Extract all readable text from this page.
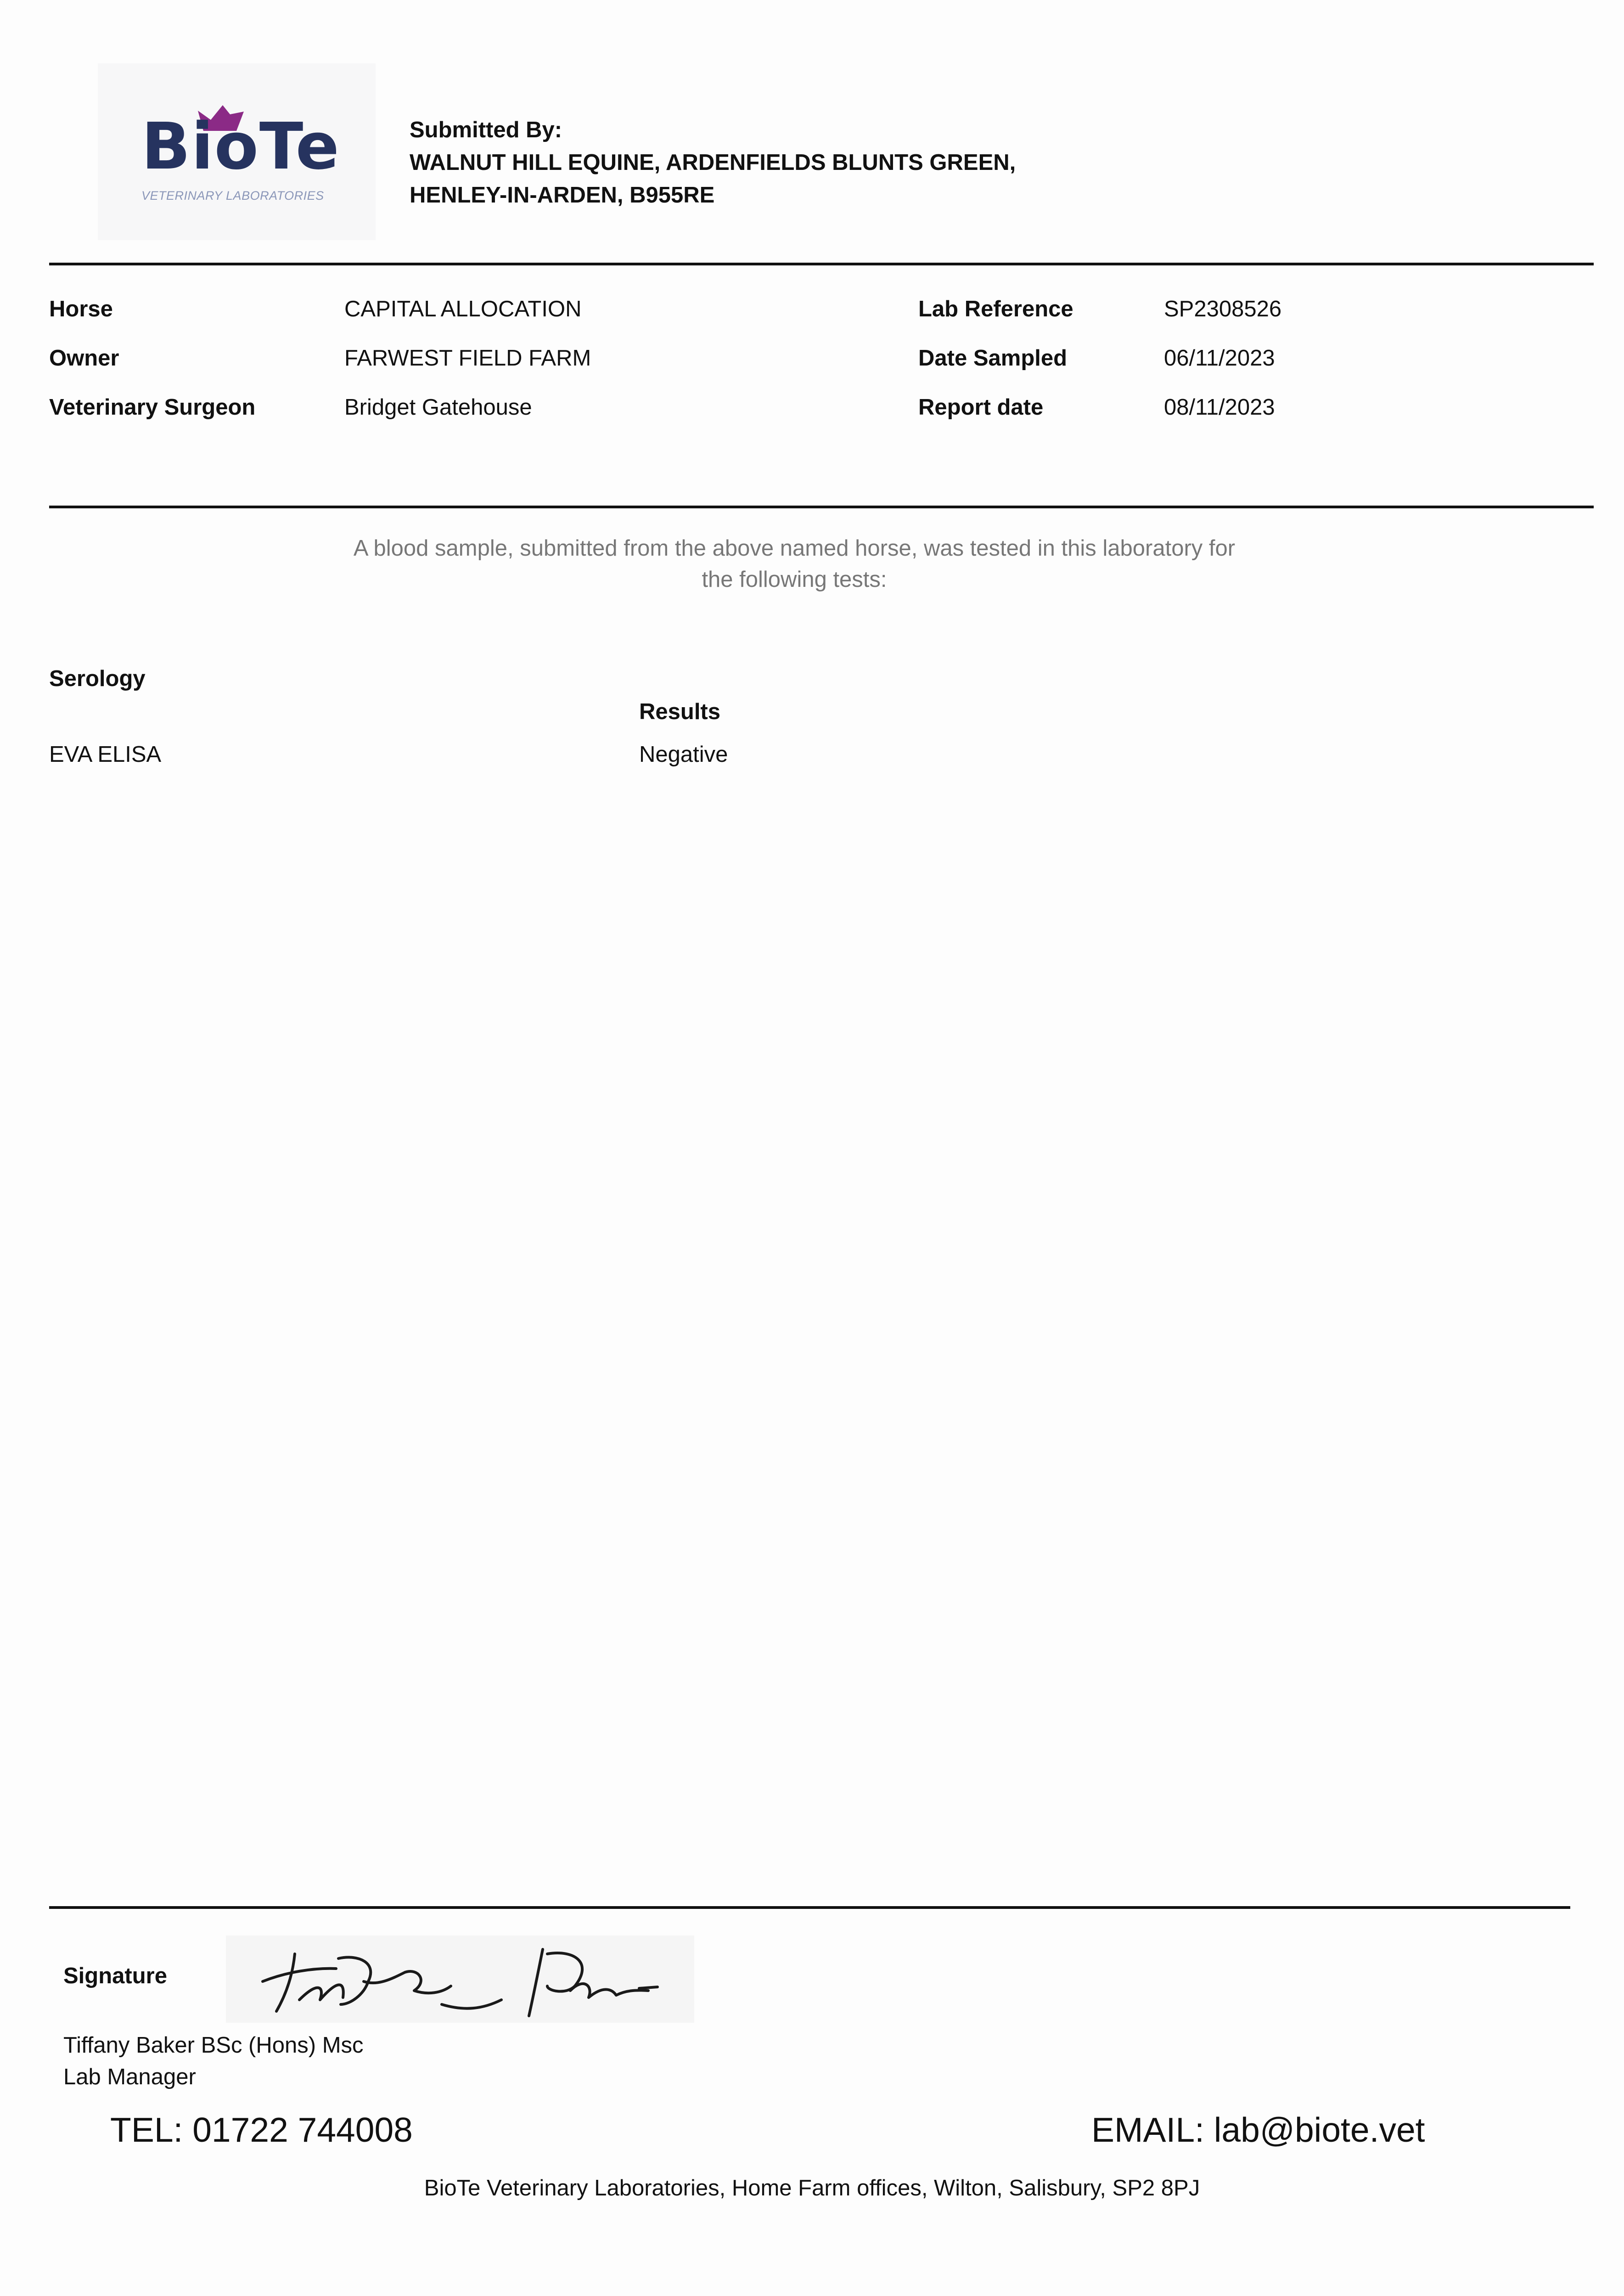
BioTe
VETERINARY LABORATORIES
Submitted By:
WALNUT HILL EQUINE, ARDENFIELDS BLUNTS GREEN,
HENLEY-IN-ARDEN, B955RE
Horse	CAPITAL ALLOCATION
Owner	FARWEST FIELD FARM
Veterinary Surgeon	Bridget Gatehouse
Lab Reference	SP2308526
Date Sampled	06/11/2023
Report date	08/11/2023
A blood sample, submitted from the above named horse, was tested in this laboratory for
the following tests:
Serology
Results
EVA ELISA	Negative
Signature
Tiffany Baker BSc (Hons) Msc
Lab Manager
TEL: 01722 744008	EMAIL: lab@biote.vet
BioTe Veterinary Laboratories, Home Farm offices, Wilton, Salisbury, SP2 8PJ
